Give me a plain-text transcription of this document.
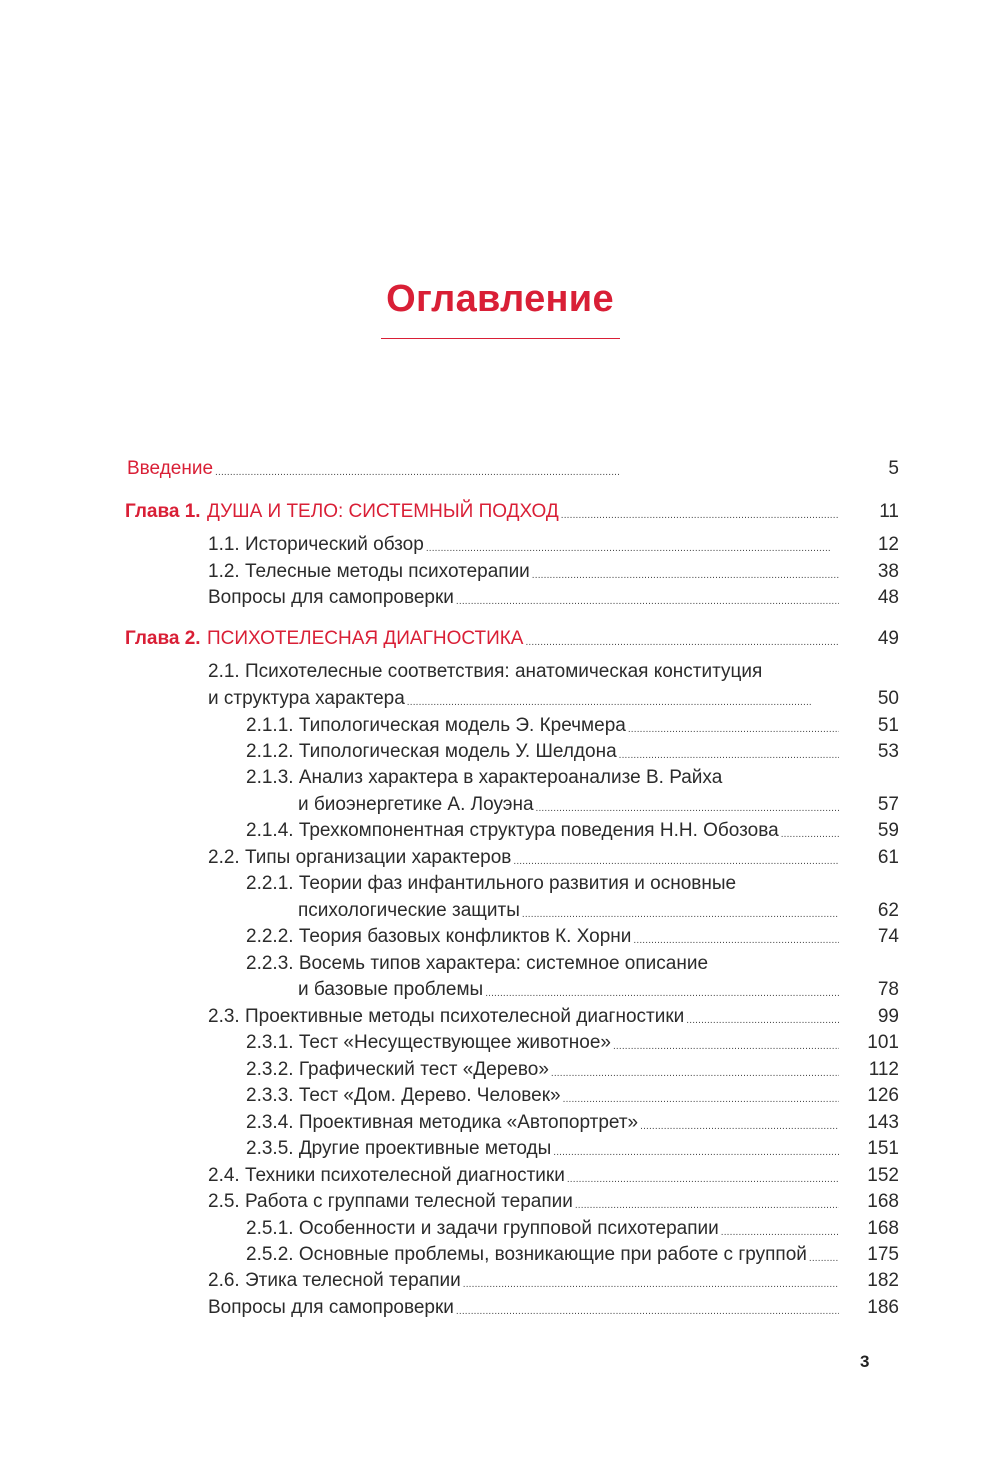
Оглавление
Введение . . .	5
Глава 1. ДУША И ТЕЛО: СИСТЕМНЫЙ ПОДХОД . . .	11
1.1. Исторический обзор . . .	12
1.2. Телесные методы психотерапии . . .	38
Вопросы для самопроверки . . .	48
Глава 2. ПСИХОТЕЛЕСНАЯ ДИАГНОСТИКА . . .	49
2.1. Психотелесные соответствия: анатомическая конституция
и структура характера . . .	50
2.1.1. Типологическая модель Э. Кречмера . . .	51
2.1.2. Типологическая модель У. Шелдона . . .	53
2.1.3. Анализ характера в характероанализе В. Райха
и биоэнергетике А. Лоуэна . . .	57
2.1.4. Трехкомпонентная структура поведения Н.Н. Обозова . . .	59
2.2. Типы организации характеров . . .	61
2.2.1. Теории фаз инфантильного развития и основные
психологические защиты . . .	62
2.2.2. Теория базовых конфликтов К. Хорни . . .	74
2.2.3. Восемь типов характера: системное описание
и базовые проблемы . . .	78
2.3. Проективные методы психотелесной диагностики . . .	99
2.3.1. Тест «Несуществующее животное» . . .	101
2.3.2. Графический тест «Дерево» . . .	112
2.3.3. Тест «Дом. Дерево. Человек» . . .	126
2.3.4. Проективная методика «Автопортрет» . . .	143
2.3.5. Другие проективные методы . . .	151
2.4. Техники психотелесной диагностики . . .	152
2.5. Работа с группами телесной терапии . . .	168
2.5.1. Особенности и задачи групповой психотерапии . . .	168
2.5.2. Основные проблемы, возникающие при работе с группой . . .	175
2.6. Этика телесной терапии . . .	182
Вопросы для самопроверки . . .	186
3
